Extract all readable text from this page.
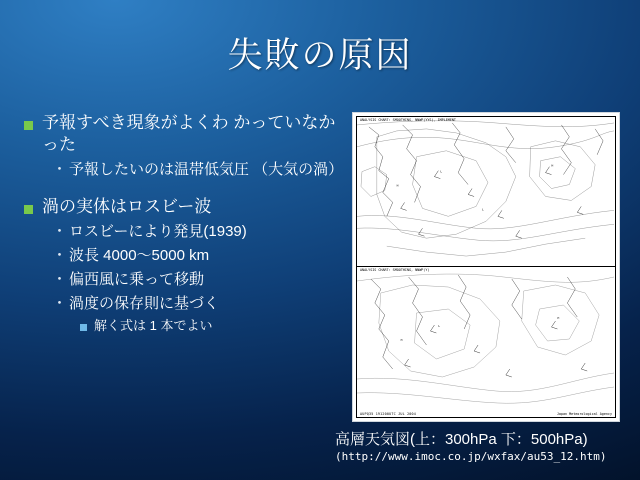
失敗の原因
予報すべき現象がよくわ かっていなかった
・ 予報したいのは温帯低気圧 （大気の渦）
渦の実体はロスビー波
・ ロスビーにより発見(1939)
・ 波長 4000～5000 km
・ 偏西風に乗って移動
・ 渦度の保存則に基づく
解く式は 1 本でよい
L
H
H
L
ANALYSIS CHART: SMOOTHING, NNWP(YYS), IMPLEMENT
L
H
H
ANALYSIS CHART: SMOOTHING, NNWP(Y)
AUPQ35 191200UTC JUL 2004	Japan Meteorological Agency
高層天気図(上：300hPa 下：500hPa)
(http://www.imoc.co.jp/wxfax/au53_12.htm)
